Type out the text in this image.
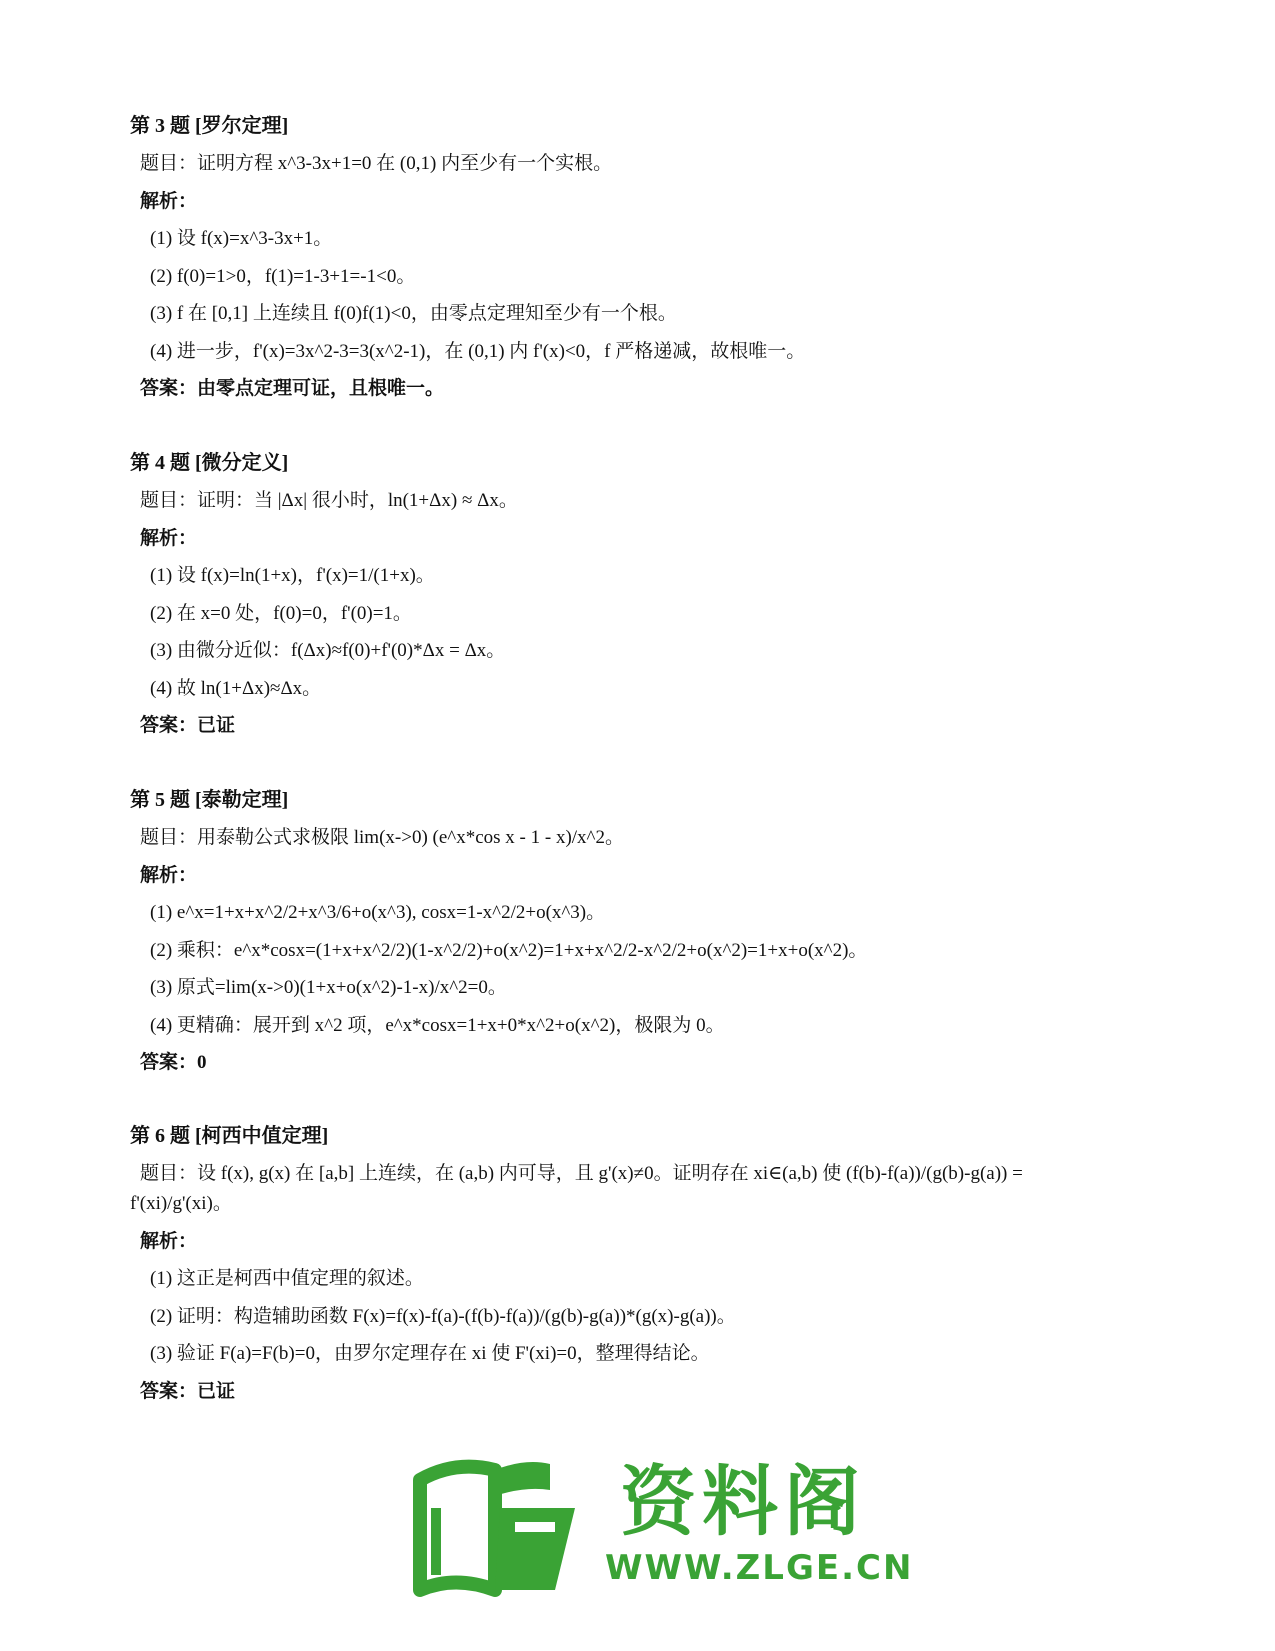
第 3 题 [罗尔定理]
题目：证明方程 x^3-3x+1=0 在 (0,1) 内至少有一个实根。
解析：
(1) 设 f(x)=x^3-3x+1。
(2) f(0)=1>0，f(1)=1-3+1=-1<0。
(3) f 在 [0,1] 上连续且 f(0)f(1)<0，由零点定理知至少有一个根。
(4) 进一步，f'(x)=3x^2-3=3(x^2-1)，在 (0,1) 内 f'(x)<0，f 严格递减，故根唯一。
答案：由零点定理可证，且根唯一。
第 4 题 [微分定义]
题目：证明：当 |Δx| 很小时，ln(1+Δx) ≈ Δx。
解析：
(1) 设 f(x)=ln(1+x)，f'(x)=1/(1+x)。
(2) 在 x=0 处，f(0)=0，f'(0)=1。
(3) 由微分近似：f(Δx)≈f(0)+f'(0)*Δx = Δx。
(4) 故 ln(1+Δx)≈Δx。
答案：已证
第 5 题 [泰勒定理]
题目：用泰勒公式求极限 lim(x->0) (e^x*cos x - 1 - x)/x^2。
解析：
(1) e^x=1+x+x^2/2+x^3/6+o(x^3), cosx=1-x^2/2+o(x^3)。
(2) 乘积：e^x*cosx=(1+x+x^2/2)(1-x^2/2)+o(x^2)=1+x+x^2/2-x^2/2+o(x^2)=1+x+o(x^2)。
(3) 原式=lim(x->0)(1+x+o(x^2)-1-x)/x^2=0。
(4) 更精确：展开到 x^2 项，e^x*cosx=1+x+0*x^2+o(x^2)，极限为 0。
答案：0
第 6 题 [柯西中值定理]
题目：设 f(x), g(x) 在 [a,b] 上连续，在 (a,b) 内可导，且 g'(x)≠0。证明存在 xi∈(a,b) 使 (f(b)-f(a))/(g(b)-g(a)) =
f'(xi)/g'(xi)。
解析：
(1) 这正是柯西中值定理的叙述。
(2) 证明：构造辅助函数 F(x)=f(x)-f(a)-(f(b)-f(a))/(g(b)-g(a))*(g(x)-g(a))。
(3) 验证 F(a)=F(b)=0，由罗尔定理存在 xi 使 F'(xi)=0，整理得结论。
答案：已证
资料阁
WWW.ZLGE.CN
